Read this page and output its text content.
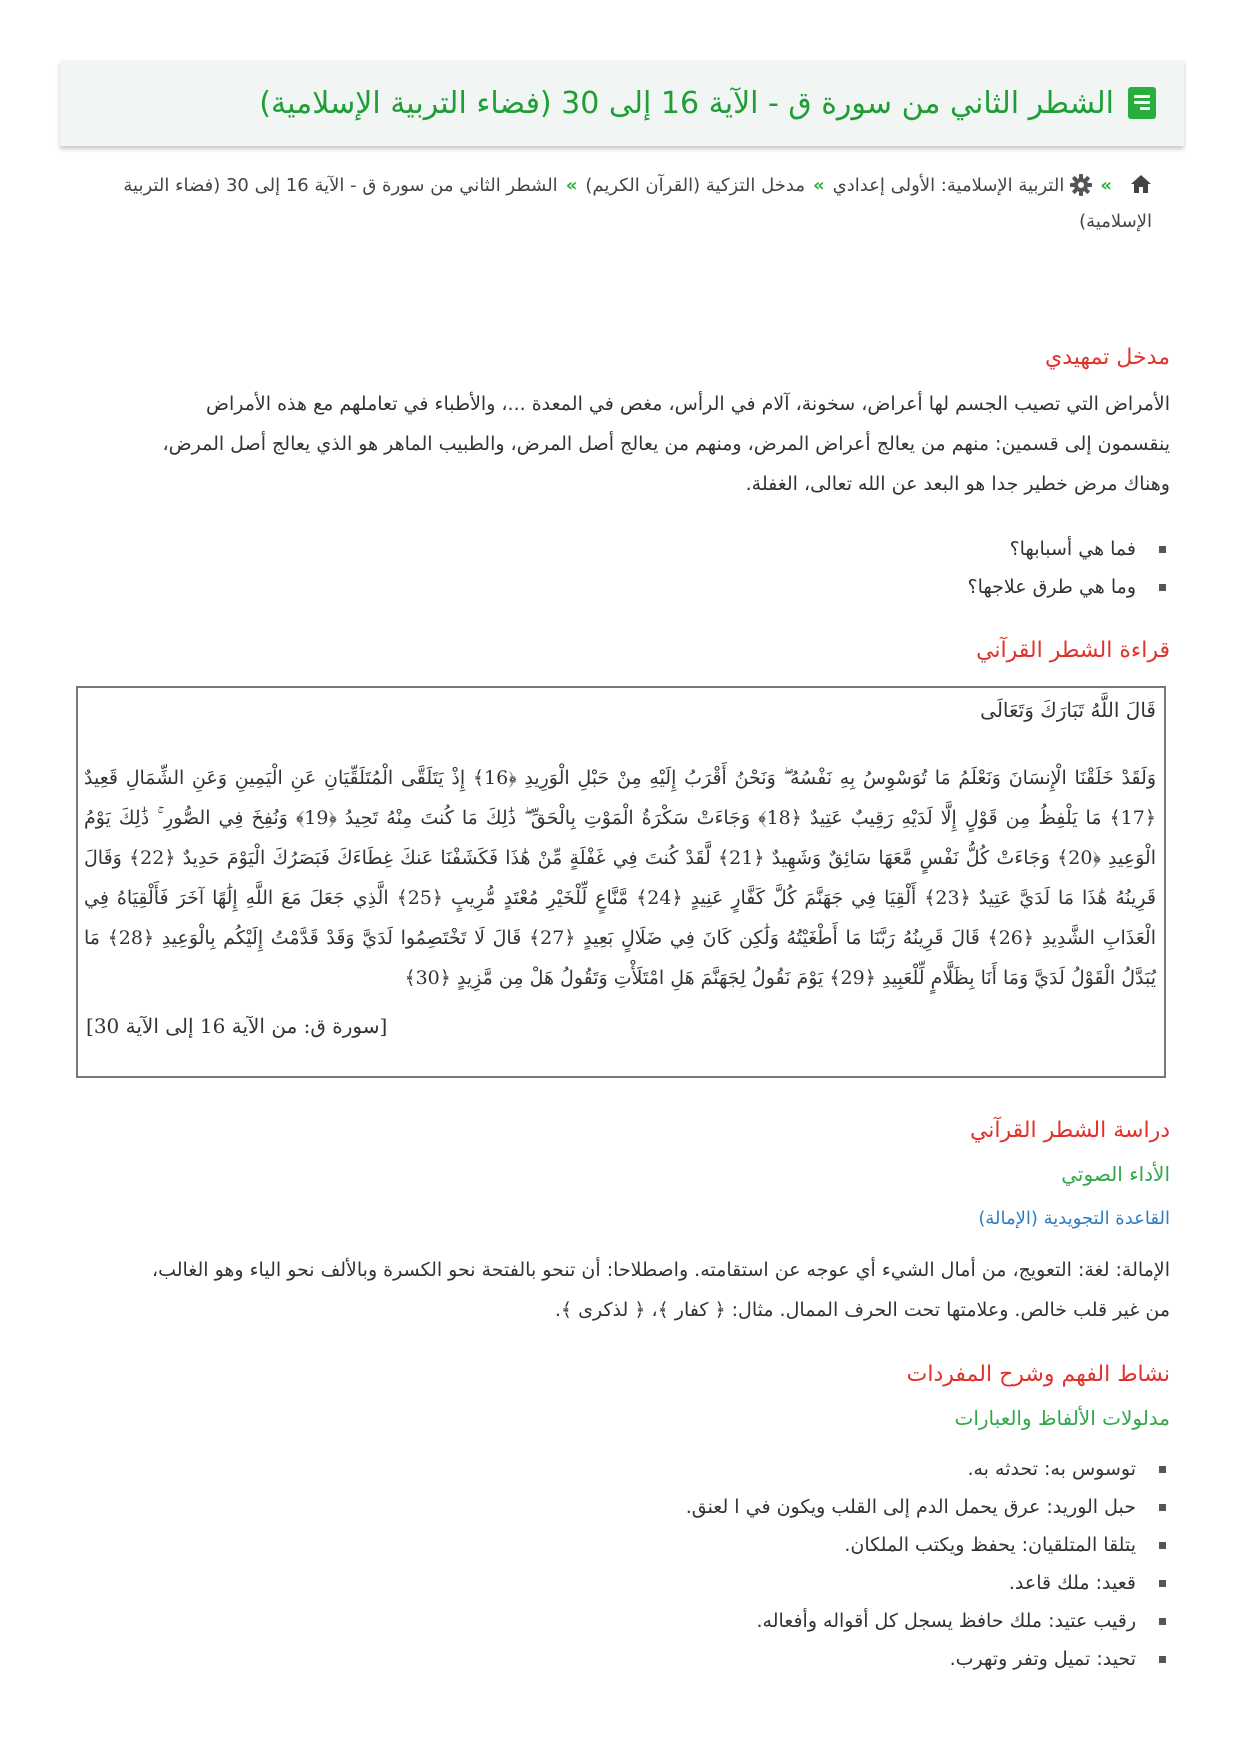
الشطر الثاني من سورة ق - الآية 16 إلى 30 (فضاء التربية الإسلامية)
»التربية الإسلامية: الأولى إعدادي»مدخل التزكية (القرآن الكريم)»الشطر الثاني من سورة ق - الآية 16 إلى 30 (فضاء التربية الإسلامية)
مدخل تمهيدي

الأمراض التي تصيب الجسم لها أعراض، سخونة، آلام في الرأس، مغص في المعدة ...، والأطباء في تعاملهم مع هذه الأمراض ينقسمون إلى قسمين: منهم من يعالج أعراض المرض، ومنهم من يعالج أصل المرض، والطبيب الماهر هو الذي يعالج أصل المرض، وهناك مرض خطير جدا هو البعد عن الله تعالى، الغفلة.

فما هي أسبابها؟
وما هي طرق علاجها؟
قراءة الشطر القرآني

قَالَ اللَّهُ تَبَارَكَ وَتَعَالَى

وَلَقَدْ خَلَقْنَا الْإِنسَانَ وَنَعْلَمُ مَا تُوَسْوِسُ بِهِ نَفْسُهُ ۖ وَنَحْنُ أَقْرَبُ إِلَيْهِ مِنْ حَبْلِ الْوَرِيدِ ﴿16﴾ إِذْ يَتَلَقَّى الْمُتَلَقِّيَانِ عَنِ الْيَمِينِ وَعَنِ الشِّمَالِ قَعِيدٌ ﴿17﴾ مَا يَلْفِظُ مِن قَوْلٍ إِلَّا لَدَيْهِ رَقِيبٌ عَتِيدٌ ﴿18﴾ وَجَاءَتْ سَكْرَةُ الْمَوْتِ بِالْحَقِّ ۖ ذَٰلِكَ مَا كُنتَ مِنْهُ تَحِيدُ ﴿19﴾ وَنُفِخَ فِي الصُّورِ ۚ ذَٰلِكَ يَوْمُ الْوَعِيدِ ﴿20﴾ وَجَاءَتْ كُلُّ نَفْسٍ مَّعَهَا سَائِقٌ وَشَهِيدٌ ﴿21﴾ لَّقَدْ كُنتَ فِي غَفْلَةٍ مِّنْ هَٰذَا فَكَشَفْنَا عَنكَ غِطَاءَكَ فَبَصَرُكَ الْيَوْمَ حَدِيدٌ ﴿22﴾ وَقَالَ قَرِينُهُ هَٰذَا مَا لَدَيَّ عَتِيدٌ ﴿23﴾ أَلْقِيَا فِي جَهَنَّمَ كُلَّ كَفَّارٍ عَنِيدٍ ﴿24﴾ مَّنَّاعٍ لِّلْخَيْرِ مُعْتَدٍ مُّرِيبٍ ﴿25﴾ الَّذِي جَعَلَ مَعَ اللَّهِ إِلَٰهًا آخَرَ فَأَلْقِيَاهُ فِي الْعَذَابِ الشَّدِيدِ ﴿26﴾ قَالَ قَرِينُهُ رَبَّنَا مَا أَطْغَيْتُهُ وَلَٰكِن كَانَ فِي ضَلَالٍ بَعِيدٍ ﴿27﴾ قَالَ لَا تَخْتَصِمُوا لَدَيَّ وَقَدْ قَدَّمْتُ إِلَيْكُم بِالْوَعِيدِ ﴿28﴾ مَا يُبَدَّلُ الْقَوْلُ لَدَيَّ وَمَا أَنَا بِظَلَّامٍ لِّلْعَبِيدِ ﴿29﴾ يَوْمَ نَقُولُ لِجَهَنَّمَ هَلِ امْتَلَأْتِ وَتَقُولُ هَلْ مِن مَّزِيدٍ ﴿30﴾

[سورة ق: من الآية 16 إلى الآية 30]

دراسة الشطر القرآني
الأداء الصوتي
القاعدة التجويدية (الإمالة)

الإمالة: لغة: التعويج، من أمال الشيء أي عوجه عن استقامته. واصطلاحا: أن تنحو بالفتحة نحو الكسرة وبالألف نحو الياء وهو الغالب، من غير قلب خالص. وعلامتها تحت الحرف الممال. مثال: ﴿ كفار ﴾، ﴿ لذكرى ﴾.

نشاط الفهم وشرح المفردات
مدلولات الألفاظ والعبارات
توسوس به: تحدثه به.
حبل الوريد: عرق يحمل الدم إلى القلب ويكون في ا لعنق.
يتلقا المتلقيان: يحفظ ويكتب الملكان.
قعيد: ملك قاعد.
رقيب عتيد: ملك حافظ يسجل كل أقواله وأفعاله.
تحيد: تميل وتفر وتهرب.
